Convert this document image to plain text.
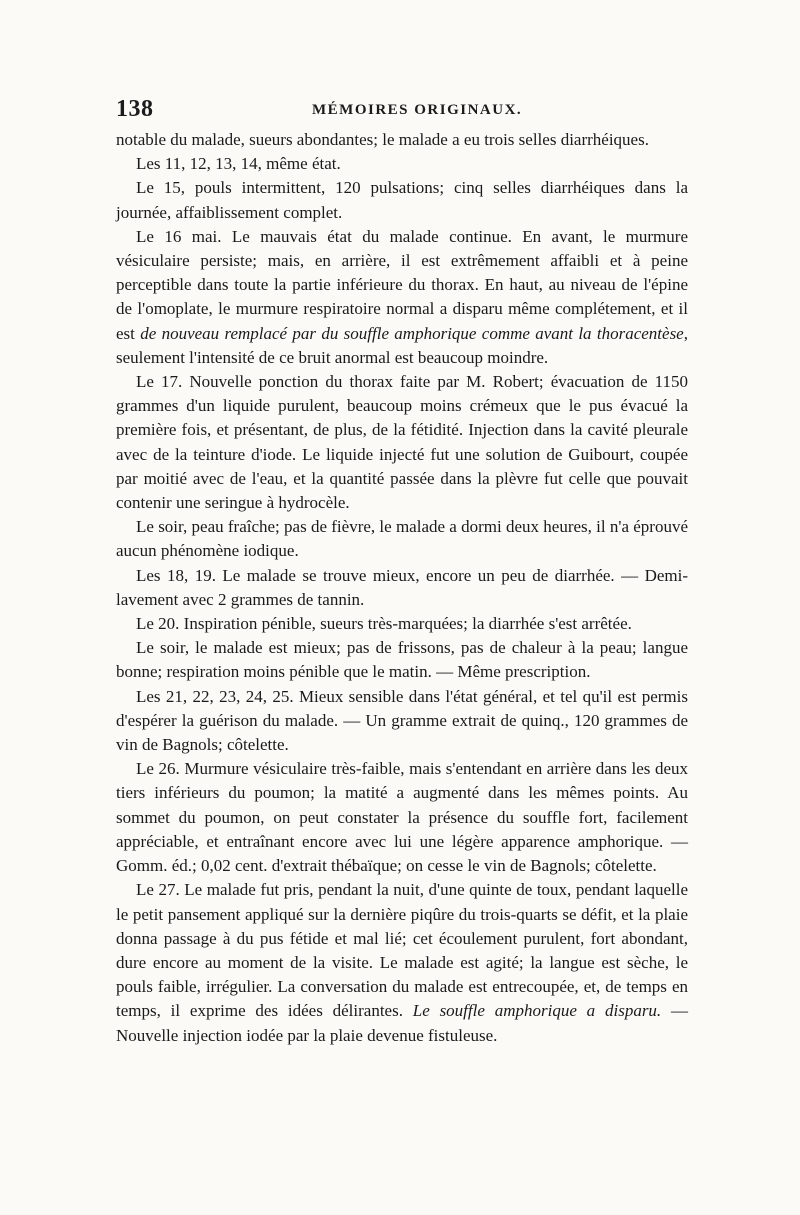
138	MÉMOIRES ORIGINAUX.

notable du malade, sueurs abondantes; le malade a eu trois selles diarrhéiques.

Les 11, 12, 13, 14, même état.

Le 15, pouls intermittent, 120 pulsations; cinq selles diarrhéiques dans la journée, affaiblissement complet.

Le 16 mai. Le mauvais état du malade continue. En avant, le murmure vésiculaire persiste; mais, en arrière, il est extrêmement affaibli et à peine perceptible dans toute la partie inférieure du thorax. En haut, au niveau de l'épine de l'omoplate, le murmure respiratoire normal a disparu même complétement, et il est de nouveau remplacé par du souffle amphorique comme avant la thoracentèse, seulement l'intensité de ce bruit anormal est beaucoup moindre.

Le 17. Nouvelle ponction du thorax faite par M. Robert; évacuation de 1150 grammes d'un liquide purulent, beaucoup moins crémeux que le pus évacué la première fois, et présentant, de plus, de la fétidité. Injection dans la cavité pleurale avec de la teinture d'iode. Le liquide injecté fut une solution de Guibourt, coupée par moitié avec de l'eau, et la quantité passée dans la plèvre fut celle que pouvait contenir une seringue à hydrocèle.

Le soir, peau fraîche; pas de fièvre, le malade a dormi deux heures, il n'a éprouvé aucun phénomène iodique.

Les 18, 19. Le malade se trouve mieux, encore un peu de diarrhée. — Demi-lavement avec 2 grammes de tannin.

Le 20. Inspiration pénible, sueurs très-marquées; la diarrhée s'est arrêtée.

Le soir, le malade est mieux; pas de frissons, pas de chaleur à la peau; langue bonne; respiration moins pénible que le matin. — Même prescription.

Les 21, 22, 23, 24, 25. Mieux sensible dans l'état général, et tel qu'il est permis d'espérer la guérison du malade. — Un gramme extrait de quinq., 120 grammes de vin de Bagnols; côtelette.

Le 26. Murmure vésiculaire très-faible, mais s'entendant en arrière dans les deux tiers inférieurs du poumon; la matité a augmenté dans les mêmes points. Au sommet du poumon, on peut constater la présence du souffle fort, facilement appréciable, et entraînant encore avec lui une légère apparence amphorique. — Gomm. éd.; 0,02 cent. d'extrait thébaïque; on cesse le vin de Bagnols; côtelette.

Le 27. Le malade fut pris, pendant la nuit, d'une quinte de toux, pendant laquelle le petit pansement appliqué sur la dernière piqûre du trois-quarts se défit, et la plaie donna passage à du pus fétide et mal lié; cet écoulement purulent, fort abondant, dure encore au moment de la visite. Le malade est agité; la langue est sèche, le pouls faible, irrégulier. La conversation du malade est entrecoupée, et, de temps en temps, il exprime des idées délirantes. Le souffle amphorique a disparu. — Nouvelle injection iodée par la plaie devenue fistuleuse.
